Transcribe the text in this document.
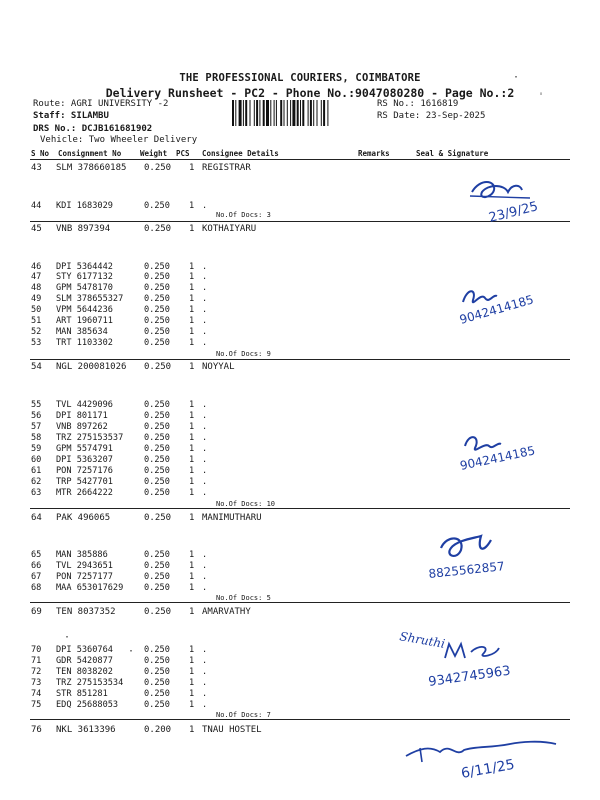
THE PROFESSIONAL COURIERS, COIMBATORE
Delivery Runsheet - PC2 - Phone No.:9047080280 - Page No.:2
Route: AGRI UNIVERSITY -2
Staff: SILAMBU
DRS No.: DCJB161681902
Vehicle: Two Wheeler Delivery
RS No.: 1616819
RS Date: 23-Sep-2025
S No Consignment No	Weight PCS Consignee Details	Remarks	Seal & Signature
43 SLM 378660185 0.250 1 REGISTRAR
44 KDI 1683029	0.250 1 .
45 VNB 897394	0.250 1 KOTHAIYARU
46 DPI 5364442	0.250 1 .
47 STY 6177132	0.250 1 .
48 GPM 5478170	0.250 1 .
49 SLM 378655327 0.250 1 .
50 VPM 5644236	0.250 1 .
51 ART 1960711	0.250 1 .
52 MAN 385634	0.250 1 .
53 TRT 1103302	0.250 1 .
54 NGL 200081026 0.250 1 NOYYAL
55 TVL 4429096	0.250 1 .
56 DPI 801171	0.250 1 .
57 VNB 897262	0.250 1 .
58 TRZ 275153537 0.250 1 .
59 GPM 5574791	0.250 1 .
60 DPI 5363207	0.250 1 .
61 PON 7257176	0.250 1 .
62 TRP 5427701	0.250 1 .
63 MTR 2664222	0.250 1 .
64 PAK 496065	0.250 1 MANIMUTHARU
65 MAN 385886	0.250 1 .
66 TVL 2943651	0.250 1 .
67 PON 7257177	0.250 1 .
68 MAA 653017629 0.250 1 .
69 TEN 8037352	0.250 1 AMARVATHY
70 DPI 5360764	0.250 1 .
71 GDR 5420877	0.250 1 .
72 TEN 8038202	0.250 1 .
73 TRZ 275153534 0.250 1 .
74 STR 851281	0.250 1 .
75 EDQ 25688053	0.250 1 .
76 NKL 3613396	0.200 1 TNAU HOSTEL
No.Of Docs: 3
No.Of Docs: 9
No.Of Docs: 10
No.Of Docs: 5
No.Of Docs: 7
23/9/25
9042414185
9042414185
8825562857
Shruthi
9342745963
6/11/25
·
ˈ
·
·
